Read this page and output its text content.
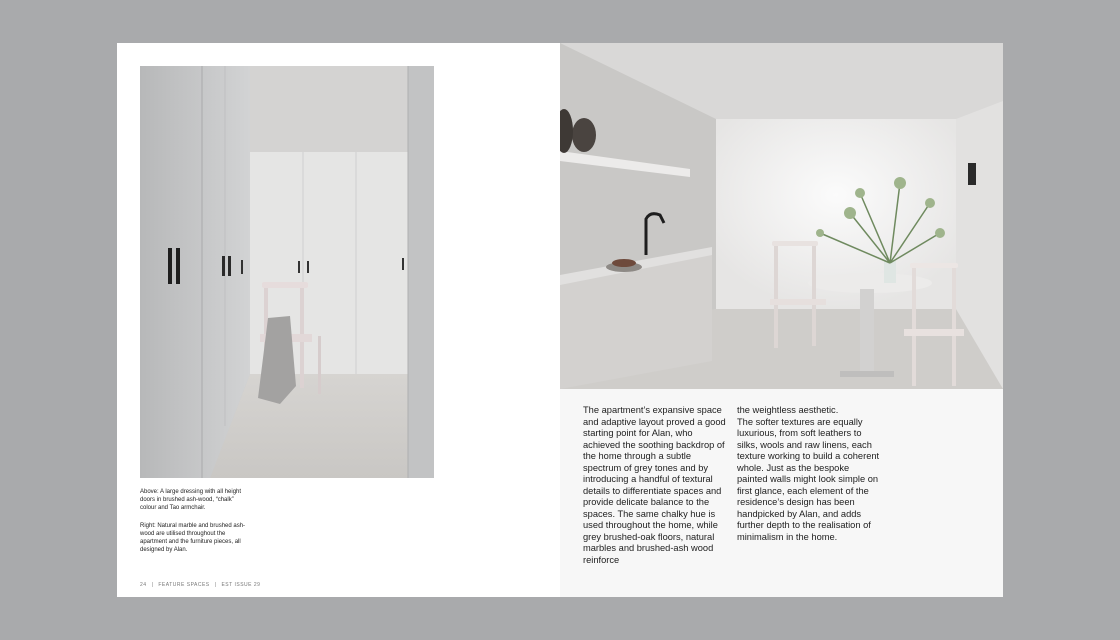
Above: A large dressing with all height doors in brushed ash-wood, “chalk” colour and Tao armchair.
Right: Natural marble and brushed ash-wood are utilised throughout the apartment and the furniture pieces, all designed by Alan.
24 | FEATURE SPACES | EST ISSUE 29

The apartment’s expansive space and adaptive layout proved a good starting point for Alan, who achieved the soothing backdrop of the home through a subtle spectrum of grey tones and by introducing a handful of textural details to differentiate spaces and provide delicate balance to the spaces. The same chalky hue is used throughout the home, while grey brushed-oak floors, natural marbles and brushed-ash wood reinforce

the weightless aesthetic.

The softer textures are equally luxurious, from soft leathers to silks, wools and raw linens, each texture working to build a coherent whole. Just as the bespoke painted walls might look simple on first glance, each element of the residence’s design has been handpicked by Alan, and adds further depth to the realisation of minimalism in the home.
